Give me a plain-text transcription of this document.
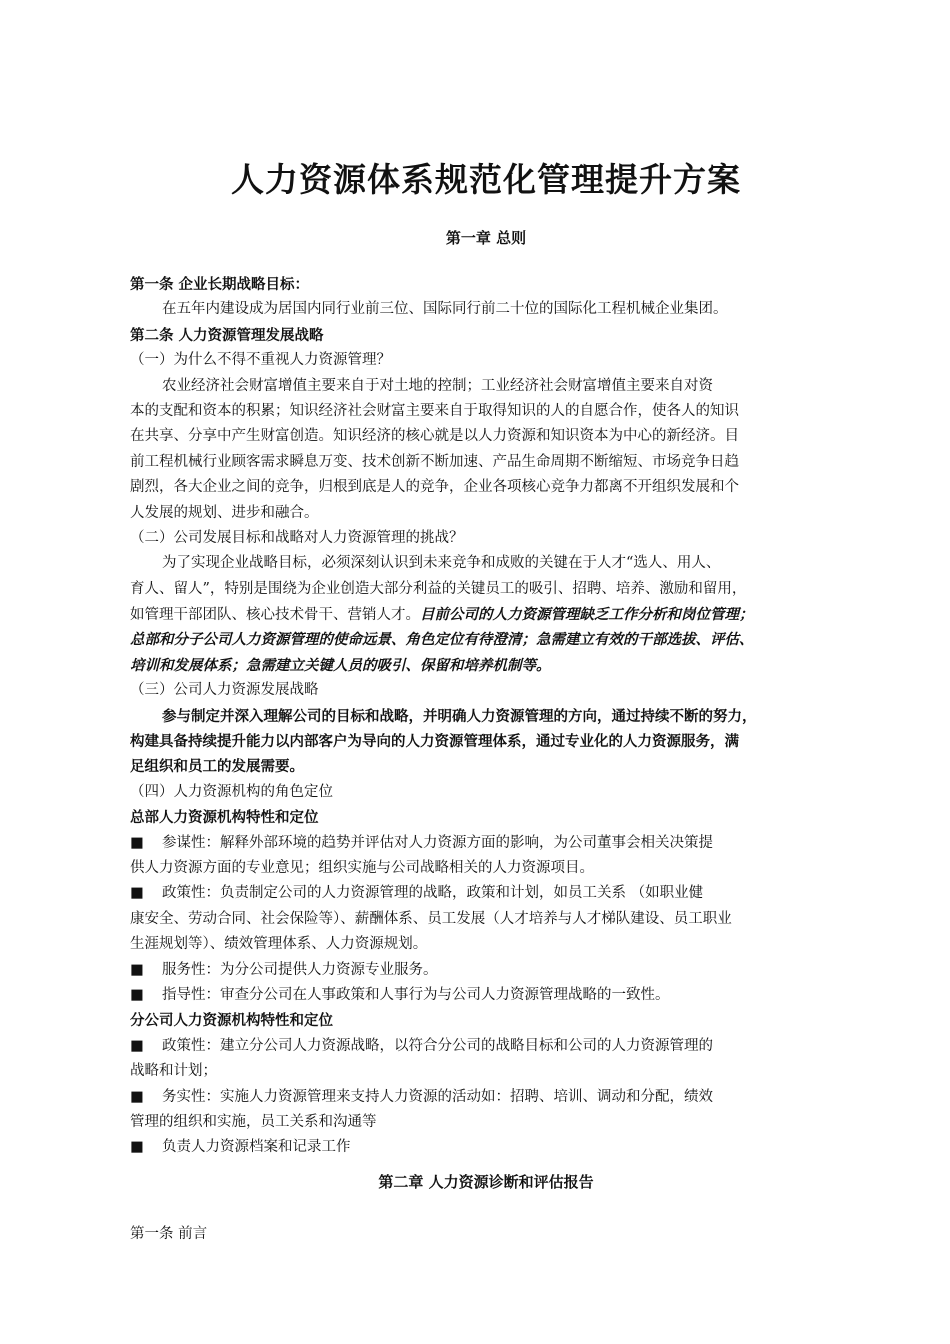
人力资源体系规范化管理提升方案
第一章 总则
第一条 企业长期战略目标：
在五年内建设成为居国内同行业前三位、国际同行前二十位的国际化工程机械企业集团。
第二条 人力资源管理发展战略
（一）为什么不得不重视人力资源管理？
农业经济社会财富增值主要来自于对土地的控制；工业经济社会财富增值主要来自对资
本的支配和资本的积累；知识经济社会财富主要来自于取得知识的人的自愿合作，使各人的知识
在共享、分享中产生财富创造。知识经济的核心就是以人力资源和知识资本为中心的新经济。目
前工程机械行业顾客需求瞬息万变、技术创新不断加速、产品生命周期不断缩短、市场竞争日趋
剧烈，各大企业之间的竞争，归根到底是人的竞争，企业各项核心竞争力都离不开组织发展和个
人发展的规划、进步和融合。
（二）公司发展目标和战略对人力资源管理的挑战？
为了实现企业战略目标，必须深刻认识到未来竞争和成败的关键在于人才“选人、用人、
育人、留人”，特别是围绕为企业创造大部分利益的关键员工的吸引、招聘、培养、激励和留用，
如管理干部团队、核心技术骨干、营销人才。目前公司的人力资源管理缺乏工作分析和岗位管理；
总部和分子公司人力资源管理的使命远景、角色定位有待澄清；急需建立有效的干部选拔、评估、
培训和发展体系；急需建立关键人员的吸引、保留和培养机制等。
（三）公司人力资源发展战略
参与制定并深入理解公司的目标和战略，并明确人力资源管理的方向，通过持续不断的努力，
构建具备持续提升能力以内部客户为导向的人力资源管理体系，通过专业化的人力资源服务，满
足组织和员工的发展需要。
（四）人力资源机构的角色定位
总部人力资源机构特性和定位
■ 参谋性：解释外部环境的趋势并评估对人力资源方面的影响，为公司董事会相关决策提
供人力资源方面的专业意见；组织实施与公司战略相关的人力资源项目。
■ 政策性：负责制定公司的人力资源管理的战略，政策和计划，如员工关系 （如职业健
康安全、劳动合同、社会保险等）、薪酬体系、员工发展（人才培养与人才梯队建设、员工职业
生涯规划等）、绩效管理体系、人力资源规划。
■ 服务性：为分公司提供人力资源专业服务。
■ 指导性：审查分公司在人事政策和人事行为与公司人力资源管理战略的一致性。
分公司人力资源机构特性和定位
■ 政策性：建立分公司人力资源战略，以符合分公司的战略目标和公司的人力资源管理的
战略和计划；
■ 务实性：实施人力资源管理来支持人力资源的活动如：招聘、培训、调动和分配，绩效
管理的组织和实施，员工关系和沟通等
■ 负责人力资源档案和记录工作
第二章 人力资源诊断和评估报告
第一条 前言
